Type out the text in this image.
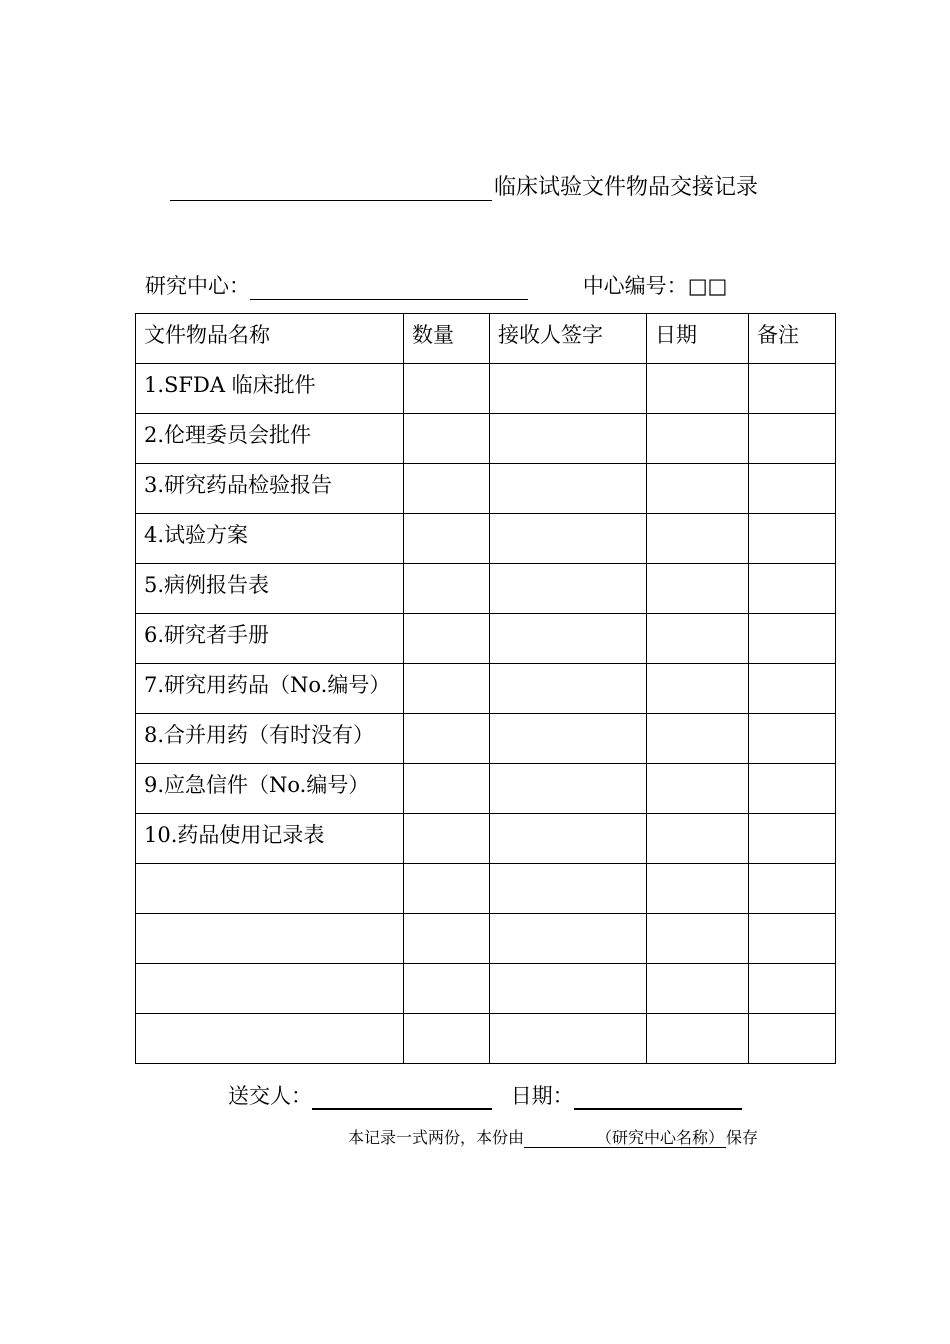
临床试验文件物品交接记录
研究中心：	中心编号：□□
文件物品名称	数量	接收人签字	日期	备注
1.SFDA 临床批件				
2.伦理委员会批件				
3.研究药品检验报告				
4.试验方案				
5.病例报告表				
6.研究者手册				
7.研究用药品（No.编号）				
8.合并用药（有时没有）				
9.应急信件（No.编号）				
10.药品使用记录表				

送交人：	日期：
本记录一式两份，本份由	（研究中心名称） 保存
